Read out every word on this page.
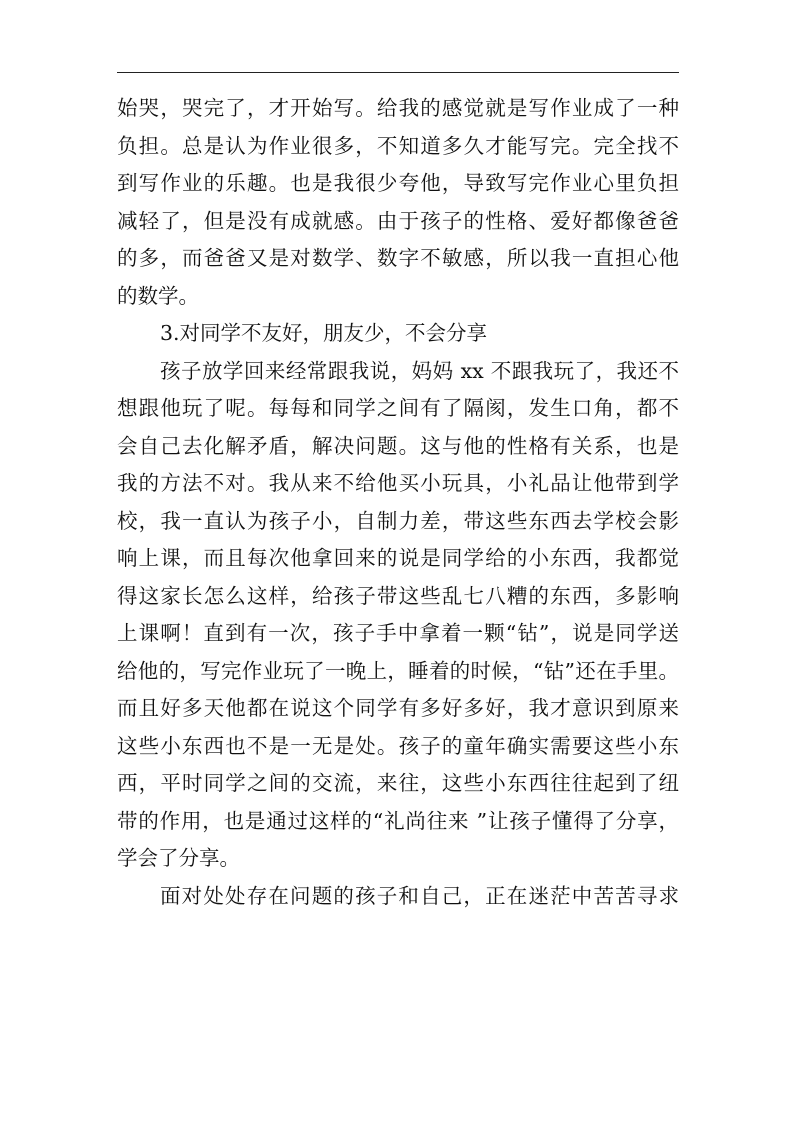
始哭，哭完了，才开始写。给我的感觉就是写作业成了一种
负担。总是认为作业很多，不知道多久才能写完。完全找不
到写作业的乐趣。也是我很少夸他，导致写完作业心里负担
减轻了，但是没有成就感。由于孩子的性格、爱好都像爸爸
的多，而爸爸又是对数学、数字不敏感，所以我一直担心他
的数学。
3.对同学不友好，朋友少，不会分享
孩子放学回来经常跟我说，妈妈 xx 不跟我玩了，我还不
想跟他玩了呢。每每和同学之间有了隔阂，发生口角，都不
会自己去化解矛盾，解决问题。这与他的性格有关系，也是
我的方法不对。我从来不给他买小玩具，小礼品让他带到学
校，我一直认为孩子小，自制力差，带这些东西去学校会影
响上课，而且每次他拿回来的说是同学给的小东西，我都觉
得这家长怎么这样，给孩子带这些乱七八糟的东西，多影响
上课啊！直到有一次，孩子手中拿着一颗“钻”，说是同学送
给他的，写完作业玩了一晚上，睡着的时候，“钻”还在手里。
而且好多天他都在说这个同学有多好多好，我才意识到原来
这些小东西也不是一无是处。孩子的童年确实需要这些小东
西，平时同学之间的交流，来往，这些小东西往往起到了纽
带的作用，也是通过这样的“礼尚往来 ”让孩子懂得了分享，
学会了分享。
面对处处存在问题的孩子和自己，正在迷茫中苦苦寻求
